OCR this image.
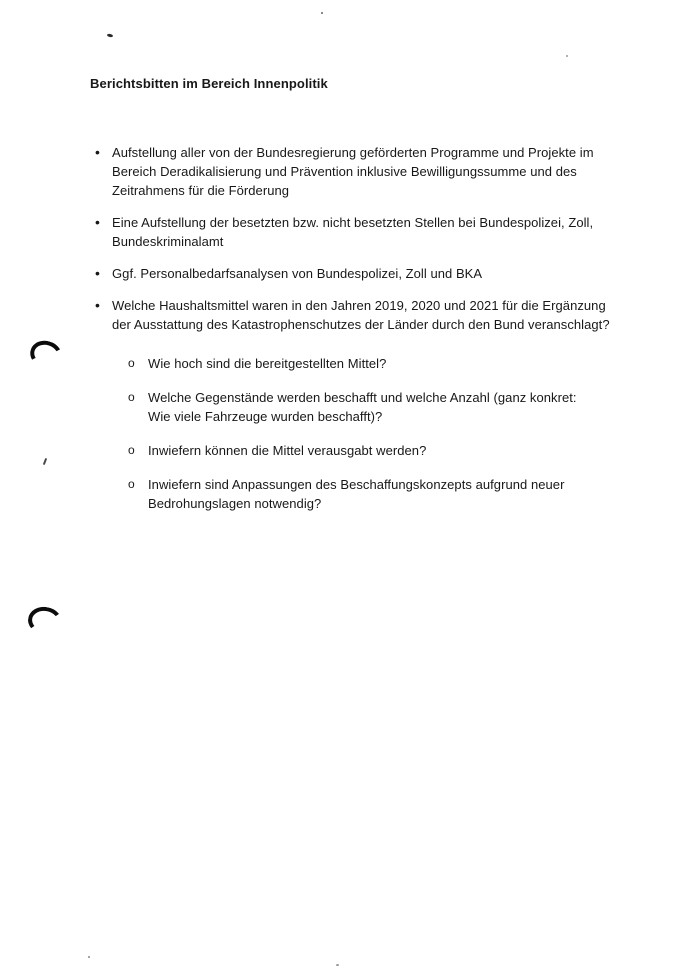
Berichtsbitten im Bereich Innenpolitik
• Aufstellung aller von der Bundesregierung geförderten Programme und Projekte im Bereich Deradikalisierung und Prävention inklusive Bewilligungssumme und des Zeitrahmens für die Förderung
• Eine Aufstellung der besetzten bzw. nicht besetzten Stellen bei Bundespolizei, Zoll, Bundeskriminalamt
• Ggf. Personalbedarfsanalysen von Bundespolizei, Zoll und BKA
• Welche Haushaltsmittel waren in den Jahren 2019, 2020 und 2021 für die Ergänzung der Ausstattung des Katastrophenschutzes der Länder durch den Bund veranschlagt?
o	Wie hoch sind die bereitgestellten Mittel?
o	Welche Gegenstände werden beschafft und welche Anzahl (ganz konkret: Wie viele Fahrzeuge wurden beschafft)?
o	Inwiefern können die Mittel verausgabt werden?
o	Inwiefern sind Anpassungen des Beschaffungskonzepts aufgrund neuer Bedrohungslagen notwendig?
